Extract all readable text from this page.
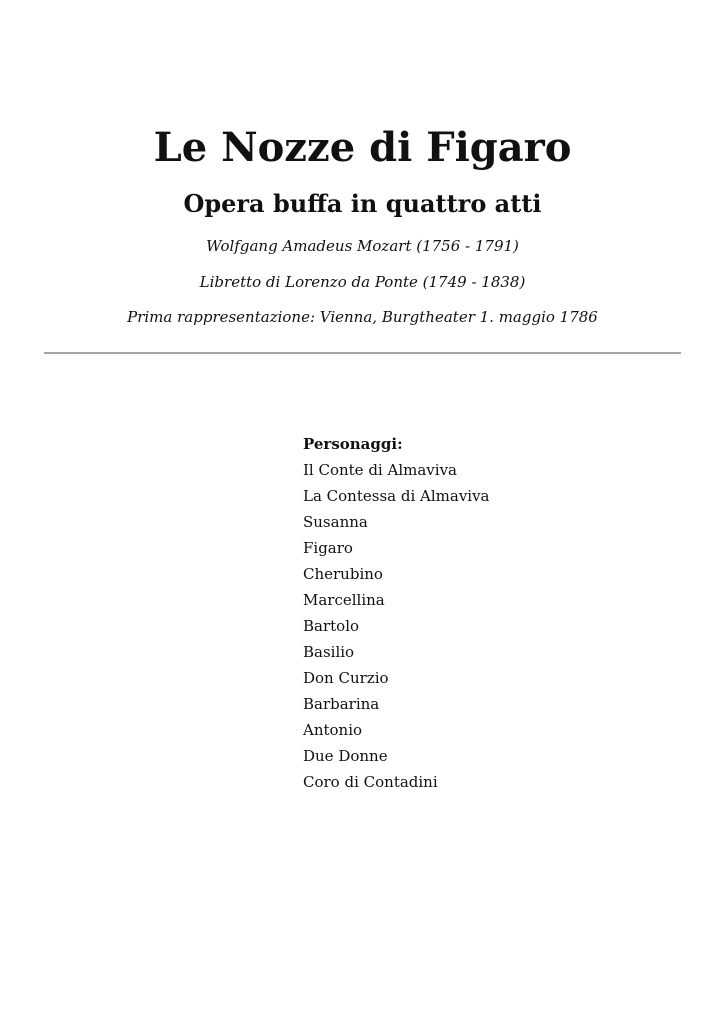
Le Nozze di Figaro
Opera buffa in quattro atti

Wolfgang Amadeus Mozart (1756 - 1791)

Libretto di Lorenzo da Ponte (1749 - 1838)

Prima rappresentazione: Vienna, Burgtheater 1. maggio 1786

Personaggi:

Il Conte di Almaviva
La Contessa di Almaviva
Susanna
Figaro
Cherubino
Marcellina
Bartolo
Basilio
Don Curzio
Barbarina
Antonio
Due Donne
Coro di Contadini
